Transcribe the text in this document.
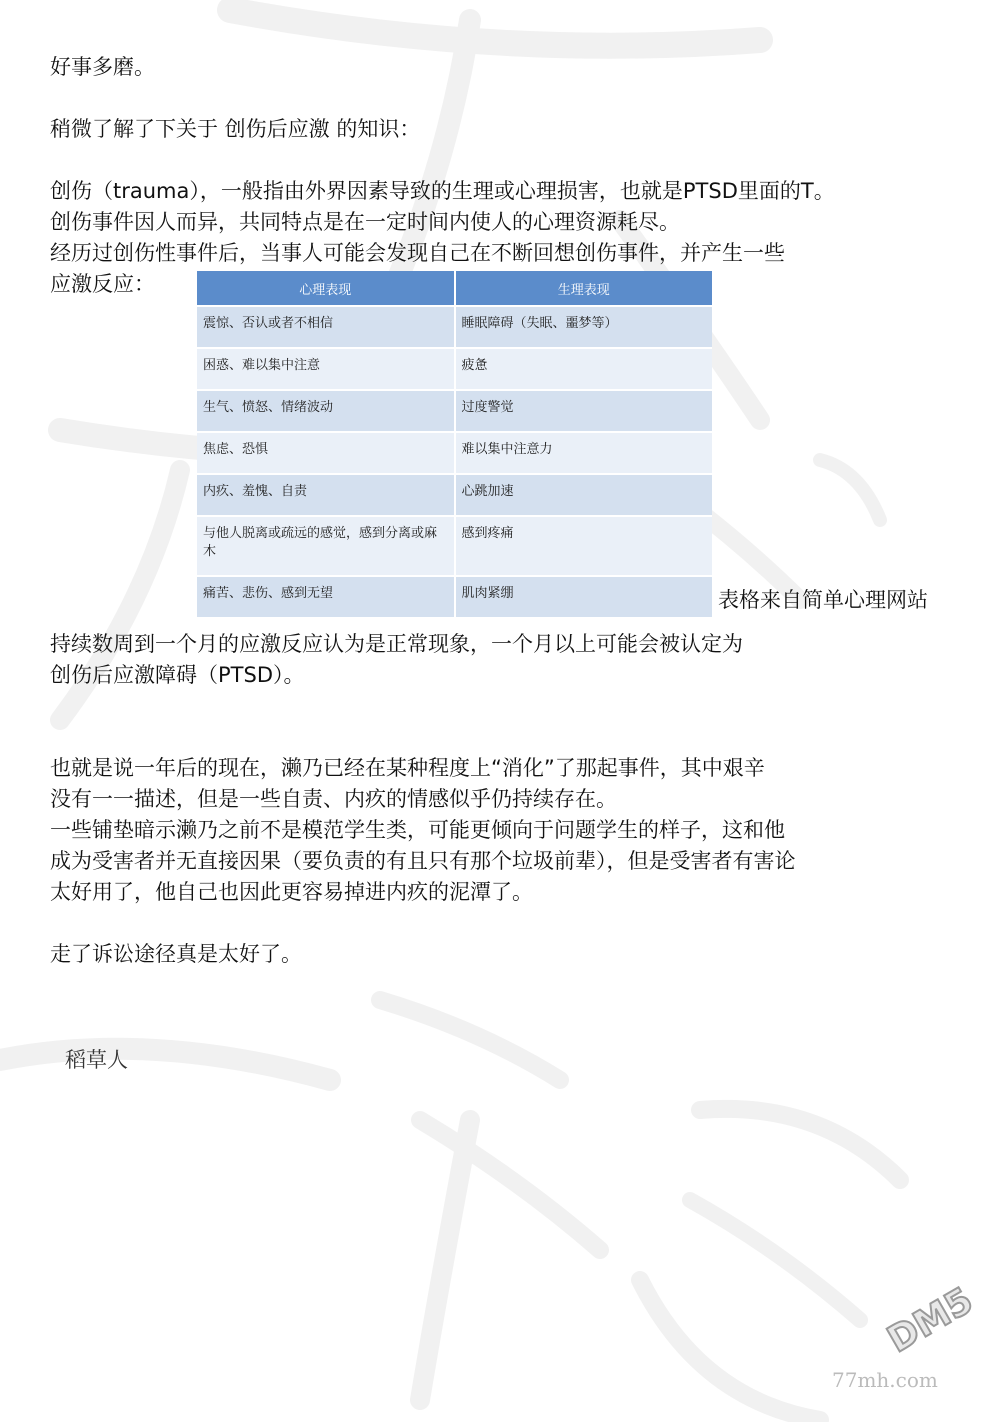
好事多磨。

稍微了解了下关于 创伤后应激 的知识：

创伤（trauma），一般指由外界因素导致的生理或心理损害，也就是PTSD里面的T。

创伤事件因人而异，共同特点是在一定时间内使人的心理资源耗尽。

经历过创伤性事件后，当事人可能会发现自己在不断回想创伤事件，并产生一些

应激反应：	心理表现	生理表现
震惊、否认或者不相信	睡眠障碍（失眠、噩梦等）
困惑、难以集中注意	疲惫
生气、愤怒、情绪波动	过度警觉
焦虑、恐惧	难以集中注意力
内疚、羞愧、自责	心跳加速
与他人脱离或疏远的感觉，感到分离或麻木	感到疼痛
痛苦、悲伤、感到无望	肌肉紧绷	表格来自简单心理网站

持续数周到一个月的应激反应认为是正常现象，一个月以上可能会被认定为

创伤后应激障碍（PTSD）。

也就是说一年后的现在，濑乃已经在某种程度上“消化”了那起事件，其中艰辛

没有一一描述，但是一些自责、内疚的情感似乎仍持续存在。

一些铺垫暗示濑乃之前不是模范学生类，可能更倾向于问题学生的样子，这和他

成为受害者并无直接因果（要负责的有且只有那个垃圾前辈），但是受害者有害论

太好用了，他自己也因此更容易掉进内疚的泥潭了。

走了诉讼途径真是太好了。

稻草人
DM5
77mh.com
